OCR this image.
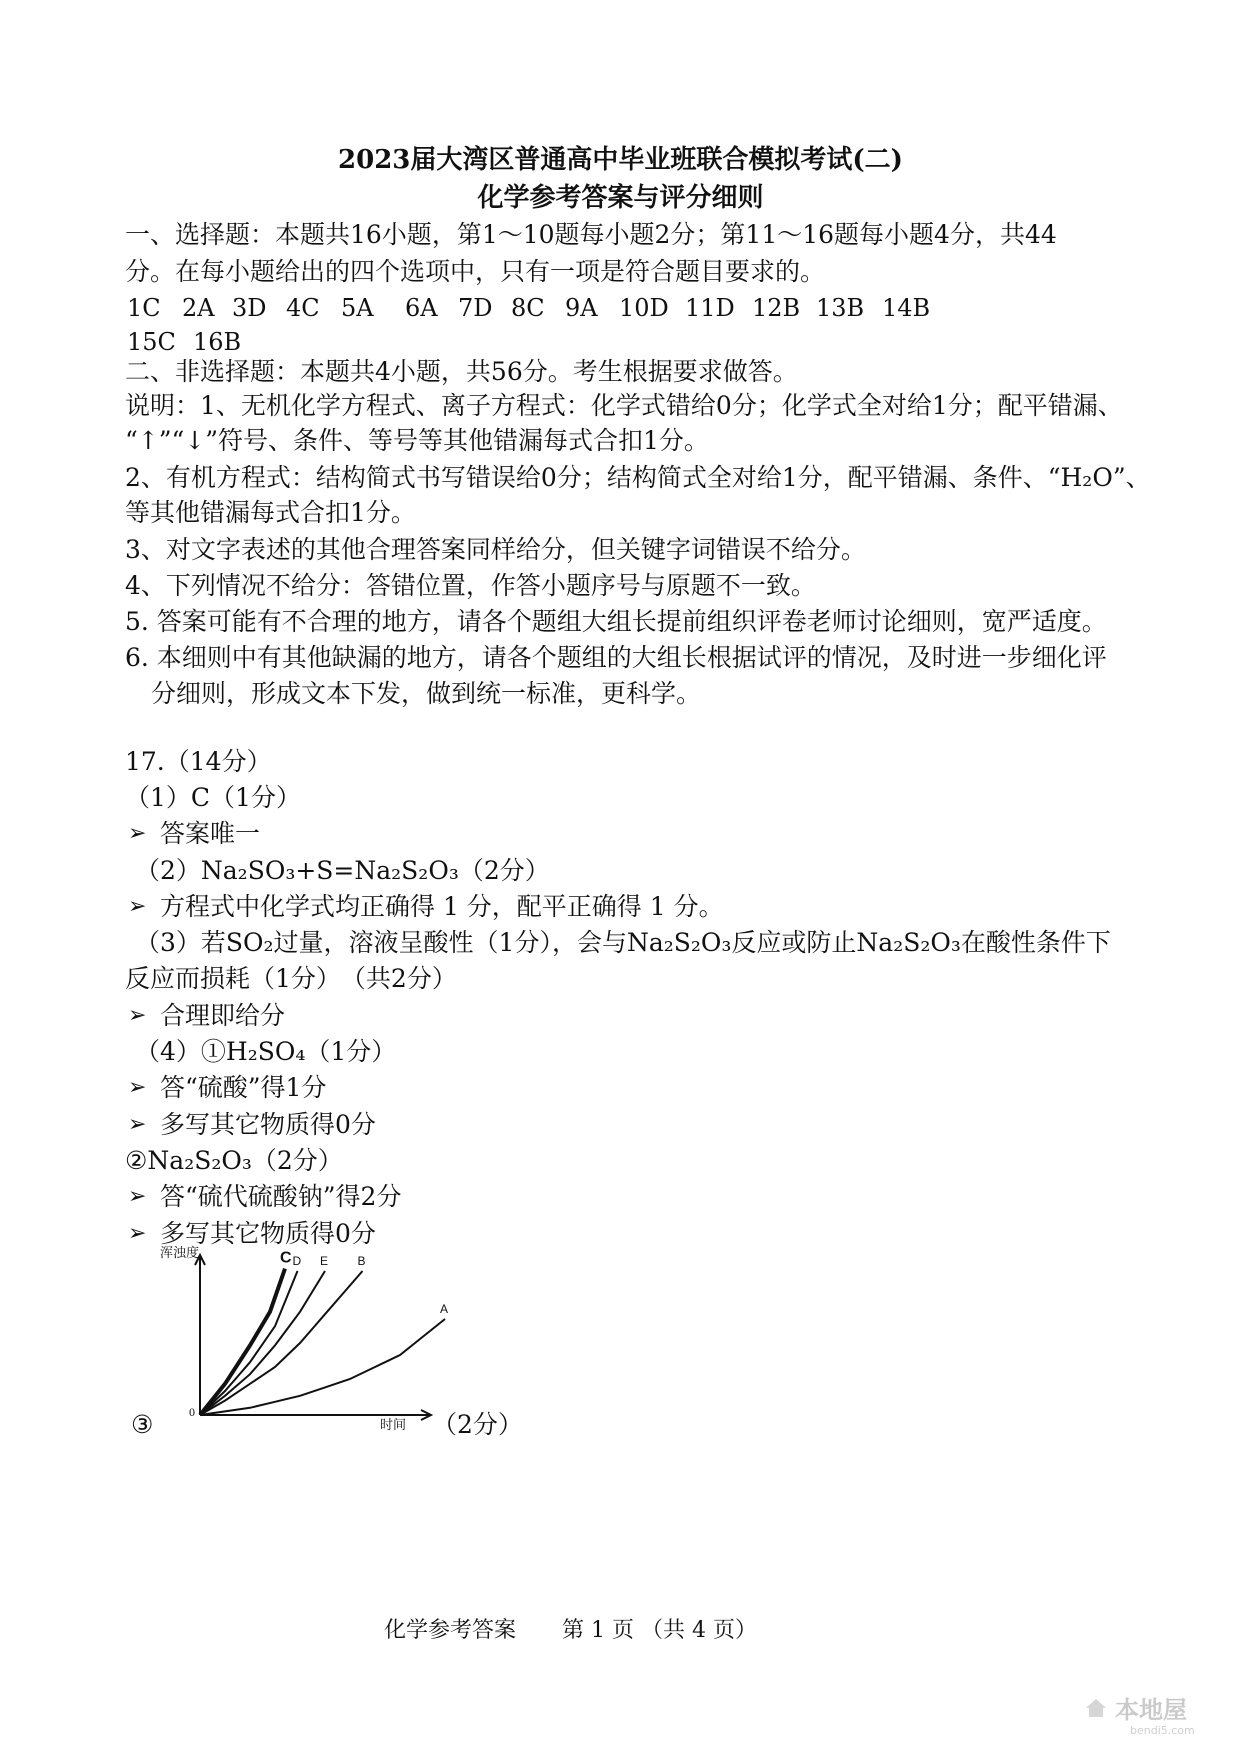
2023届大湾区普通高中毕业班联合模拟考试(二)
化学参考答案与评分细则
一、选择题：本题共16小题，第1～10题每小题2分；第11～16题每小题4分，共44
分。在每小题给出的四个选项中，只有一项是符合题目要求的。
1C 2A 3D 4C 5A 6A 7D 8C 9A 10D 11D 12B 13B 14B
15C 16B
二、非选择题：本题共4小题，共56分。考生根据要求做答。
说明：1、无机化学方程式、离子方程式：化学式错给0分；化学式全对给1分；配平错漏、
“↑”“↓”符号、条件、等号等其他错漏每式合扣1分。
2、有机方程式：结构简式书写错误给0分；结构简式全对给1分，配平错漏、条件、“H₂O”、
等其他错漏每式合扣1分。
3、对文字表述的其他合理答案同样给分，但关键字词错误不给分。
4、下列情况不给分：答错位置，作答小题序号与原题不一致。
5. 答案可能有不合理的地方，请各个题组大组长提前组织评卷老师讨论细则，宽严适度。
6. 本细则中有其他缺漏的地方，请各个题组的大组长根据试评的情况，及时进一步细化评
分细则，形成文本下发，做到统一标准，更科学。
17.（14分）
（1）C（1分）
➢ 答案唯一
（2）Na₂SO₃+S=Na₂S₂O₃（2分）
➢ 方程式中化学式均正确得 1 分，配平正确得 1 分。
（3）若SO₂过量，溶液呈酸性（1分），会与Na₂S₂O₃反应或防止Na₂S₂O₃在酸性条件下
反应而损耗（1分）　（共2分）
➢ 合理即给分
（4）①H₂SO₄（1分）
➢ 答“硫酸”得1分
➢ 多写其它物质得0分
②Na₂S₂O₃（2分）
➢ 答“硫代硫酸钠”得2分
➢ 多写其它物质得0分
浑浊度
时间
0
C D E B
A
③	（2分）
化学参考答案 第 1 页 （共 4 页）
本地屋
bendi5.com
